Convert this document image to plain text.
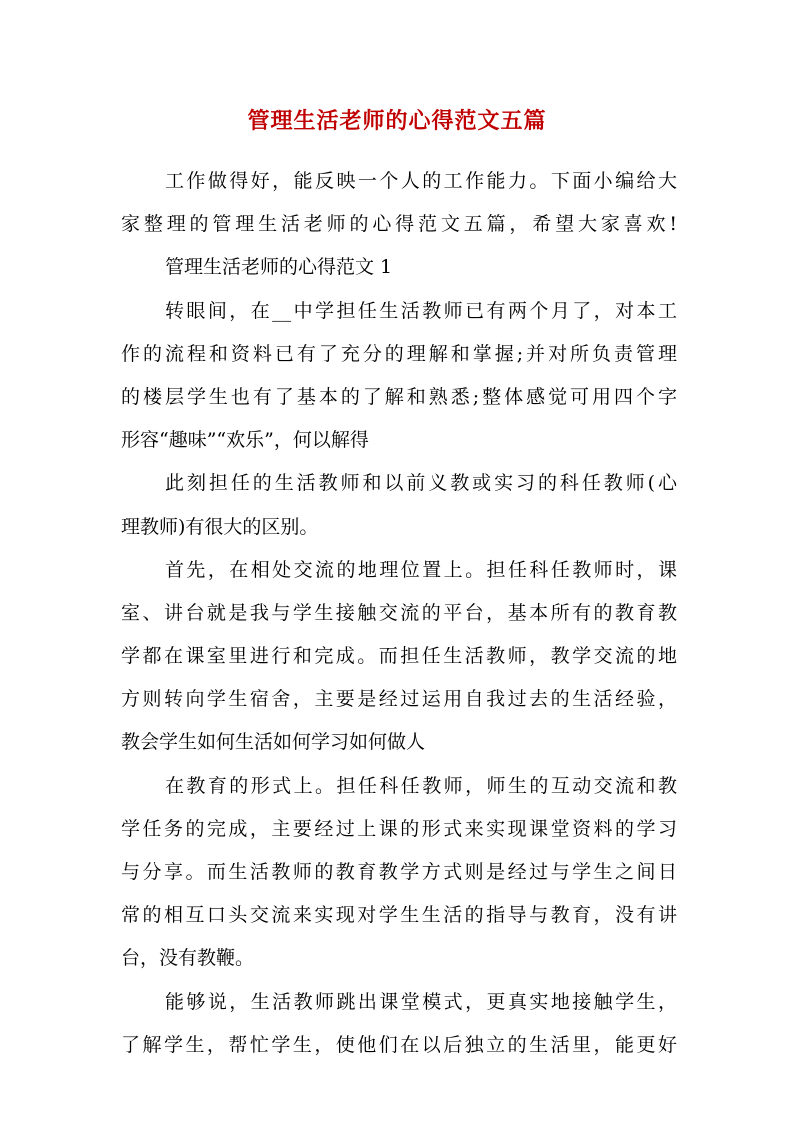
管理生活老师的心得范文五篇
工作做得好，能反映一个人的工作能力。下面小编给大
家整理的管理生活老师的心得范文五篇，希望大家喜欢!
管理生活老师的心得范文 1
转眼间，在__中学担任生活教师已有两个月了，对本工
作的流程和资料已有了充分的理解和掌握;并对所负责管理
的楼层学生也有了基本的了解和熟悉;整体感觉可用四个字
形容“趣味”“欢乐”，何以解得
此刻担任的生活教师和以前义教或实习的科任教师(心
理教师)有很大的区别。
首先，在相处交流的地理位置上。担任科任教师时，课
室、讲台就是我与学生接触交流的平台，基本所有的教育教
学都在课室里进行和完成。而担任生活教师，教学交流的地
方则转向学生宿舍，主要是经过运用自我过去的生活经验，
教会学生如何生活如何学习如何做人
在教育的形式上。担任科任教师，师生的互动交流和教
学任务的完成，主要经过上课的形式来实现课堂资料的学习
与分享。而生活教师的教育教学方式则是经过与学生之间日
常的相互口头交流来实现对学生生活的指导与教育，没有讲
台，没有教鞭。
能够说，生活教师跳出课堂模式，更真实地接触学生，
了解学生，帮忙学生，使他们在以后独立的生活里，能更好
